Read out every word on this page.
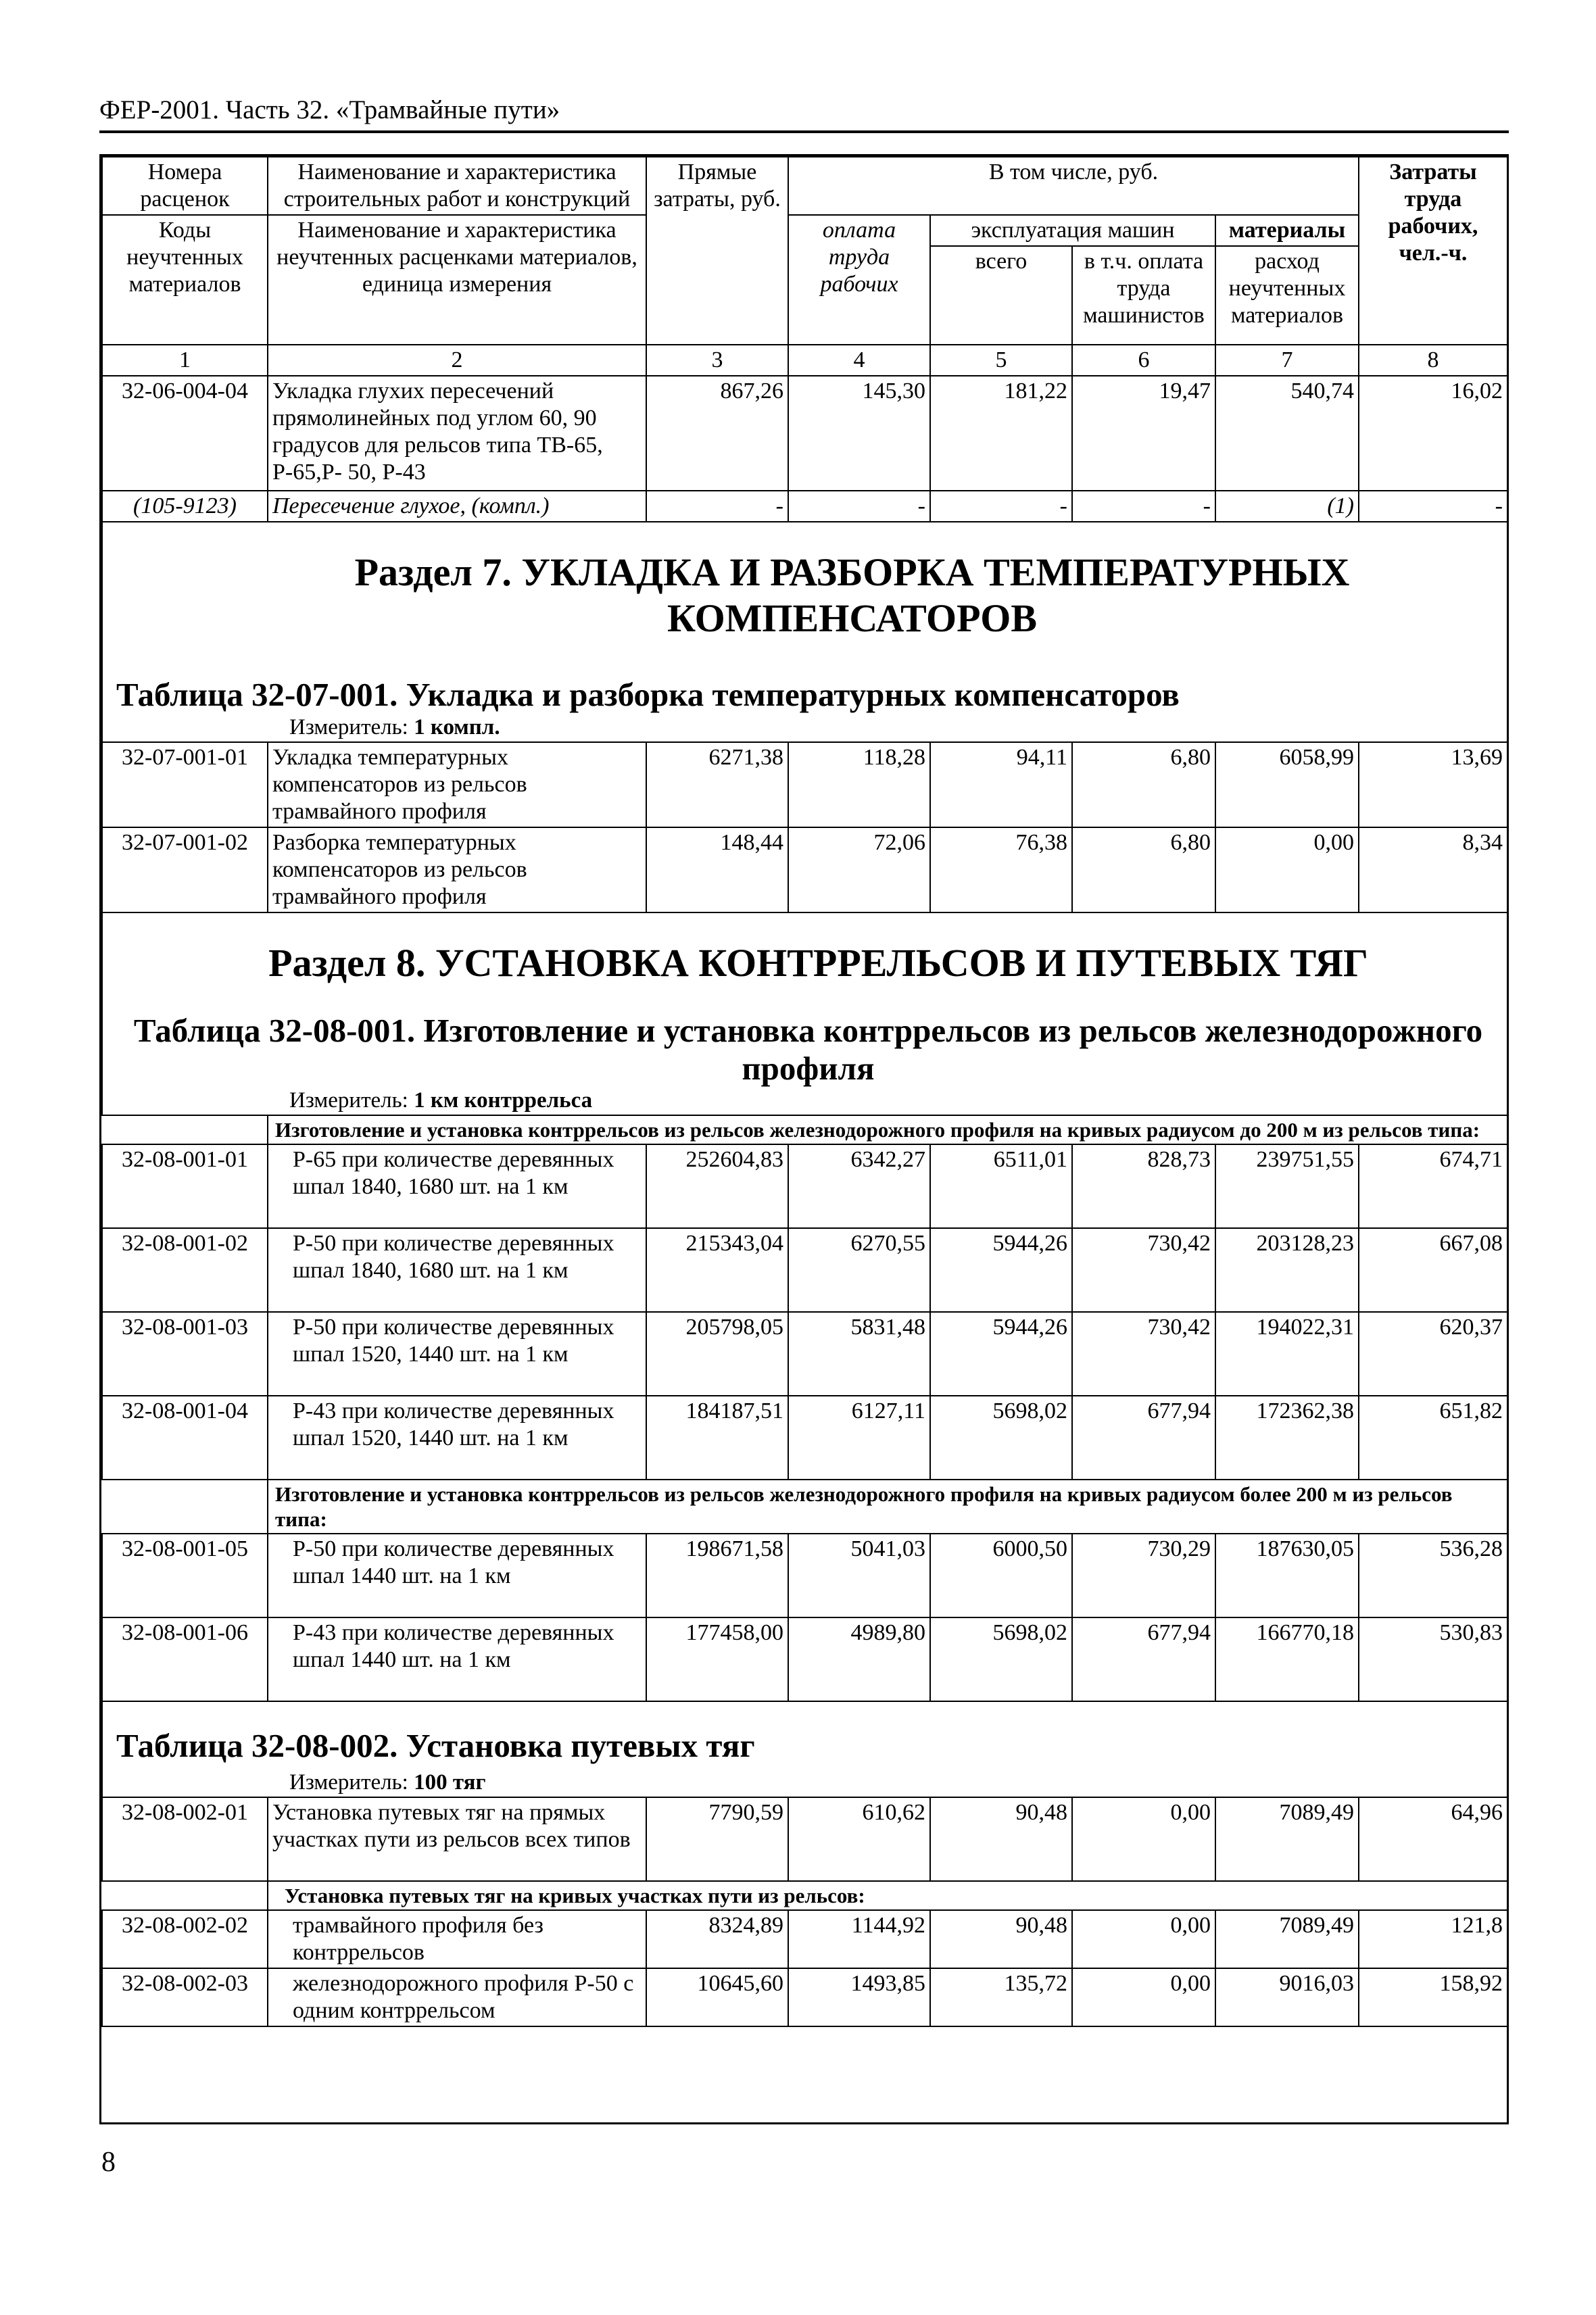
ФЕР-2001. Часть 32. «Трамвайные пути»
Номера расценок	Наименование и характеристика строительных работ и конструкций	Прямые затраты, руб.	В том числе, руб.				Затраты труда рабочих, чел.-ч.
Коды неучтенных материалов	Наименование и характеристика неучтенных расценками материалов, единица измерения		оплата труда рабочих	эксплуатация машин		материалы	
				всего	в т.ч. оплата труда машинистов	расход неучтенных материалов	
1	2	3	4	5	6	7	8
32-06-004-04	Укладка глухих пересечений прямолинейных под углом 60, 90 градусов для рельсов типа ТВ-65, Р-65,Р- 50, Р-43	867,26	145,30	181,22	19,47	540,74	16,02
(105-9123)	Пересечение глухое, (компл.)	-	-	-	-	(1)	-

Раздел 7. УКЛАДКА И РАЗБОРКА ТЕМПЕРАТУРНЫХ КОМПЕНСАТОРОВ
Таблица 32-07-001. Укладка и разборка температурных компенсаторов
Измеритель: 1 компл.							

32-07-001-01	Укладка температурных компенсаторов из рельсов трамвайного профиля	6271,38	118,28	94,11	6,80	6058,99	13,69
32-07-001-02	Разборка температурных компенсаторов из рельсов трамвайного профиля	148,44	72,06	76,38	6,80	0,00	8,34

Раздел 8. УСТАНОВКА КОНТРРЕЛЬСОВ И ПУТЕВЫХ ТЯГ
Таблица 32-08-001. Изготовление и установка контррельсов из рельсов железнодорожного профиля
Измеритель: 1 км контррельса							

	Изготовление и установка контррельсов из рельсов железнодорожного профиля на кривых радиусом до 200 м из рельсов типа:						
32-08-001-01	Р-65 при количестве деревянных шпал 1840, 1680 шт. на 1 км	252604,83	6342,27	6511,01	828,73	239751,55	674,71
32-08-001-02	Р-50 при количестве деревянных шпал 1840, 1680 шт. на 1 км	215343,04	6270,55	5944,26	730,42	203128,23	667,08
32-08-001-03	Р-50 при количестве деревянных шпал 1520, 1440 шт. на 1 км	205798,05	5831,48	5944,26	730,42	194022,31	620,37
32-08-001-04	Р-43 при количестве деревянных шпал 1520, 1440 шт. на 1 км	184187,51	6127,11	5698,02	677,94	172362,38	651,82
	Изготовление и установка контррельсов из рельсов железнодорожного профиля на кривых радиусом более 200 м из рельсов типа:						
32-08-001-05	Р-50 при количестве деревянных шпал 1440 шт. на 1 км	198671,58	5041,03	6000,50	730,29	187630,05	536,28
32-08-001-06	Р-43 при количестве деревянных шпал 1440 шт. на 1 км	177458,00	4989,80	5698,02	677,94	166770,18	530,83

Таблица 32-08-002. Установка путевых тяг
Измеритель: 100 тяг							

32-08-002-01	Установка путевых тяг на прямых участках пути из рельсов всех типов	7790,59	610,62	90,48	0,00	7089,49	64,96
	Установка путевых тяг на кривых участках пути из рельсов:						
32-08-002-02	трамвайного профиля без контррельсов	8324,89	1144,92	90,48	0,00	7089,49	121,8
32-08-002-03	железнодорожного профиля Р-50 с одним контррельсом	10645,60	1493,85	135,72	0,00	9016,03	158,92
8
